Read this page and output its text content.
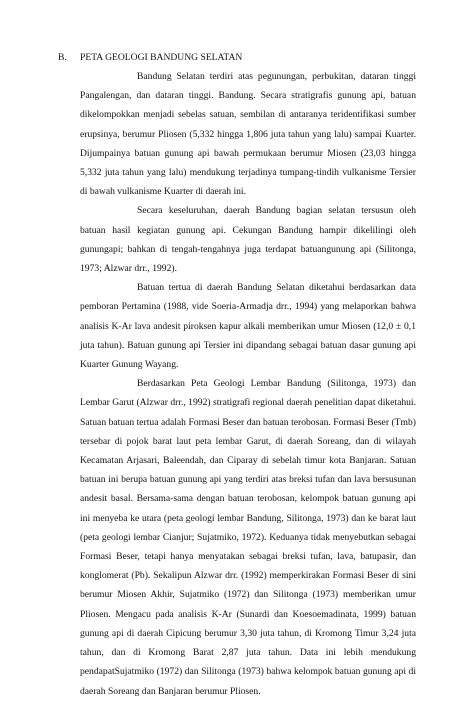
B. PETA GEOLOGI BANDUNG SELATAN

Bandung Selatan terdiri atas pegunungan, perbukitan, dataran tinggi Pangalengan, dan dataran tinggi. Bandung. Secara stratigrafis gunung api, batuan dikelompokkan menjadi sebelas satuan, sembilan di antaranya teridentifikasi sumber erupsinya, berumur Pliosen (5,332 hingga 1,806 juta tahun yang lalu) sampai Kuarter. Dijumpainya batuan gunung api bawah permukaan berumur Miosen (23,03 hingga 5,332 juta tahun yang lalu) mendukung terjadinya tumpang-tindih vulkanisme Tersier di bawah vulkanisme Kuarter di daerah ini.

Secara keseluruhan, daerah Bandung bagian selatan tersusun oleh batuan hasil kegiatan gunung api. Cekungan Bandung hampir dikelilingi oleh gunungapi; bahkan di tengah-tengahnya juga terdapat batuangunung api (Silitonga, 1973; Alzwar drr., 1992).

Batuan tertua di daerah Bandung Selatan diketahui berdasarkan data pemboran Pertamina (1988, vide Soeria-Armadja drr., 1994) yang melaporkan bahwa analisis K-Ar lava andesit piroksen kapur alkali memberikan umur Miosen (12,0 ± 0,1 juta tahun). Batuan gunung api Tersier ini dipandang sebagai batuan dasar gunung api Kuarter Gunung Wayang.

Berdasarkan Peta Geologi Lembar Bandung (Silitonga, 1973) dan Lembar Garut (Alzwar drr., 1992) stratigrafi regional daerah penelitian dapat diketahui. Satuan batuan tertua adalah Formasi Beser dan batuan terobosan. Formasi Beser (Tmb) tersebar di pojok barat laut peta lembar Garut, di daerah Soreang, dan di wilayah Kecamatan Arjasari, Baleendah, dan Ciparay di sebelah timur kota Banjaran. Satuan batuan ini berupa batuan gunung api yang terdiri atas breksi tufan dan lava bersusunan andesit basal. Bersama-sama dengan batuan terobosan, kelompok batuan gunung api ini menyeba ke utara (peta geologi lembar Bandung, Silitonga, 1973) dan ke barat laut (peta geologi lembar Cianjur; Sujatmiko, 1972). Keduanya tidak menyebutkan sebagai Formasi Beser, tetapi hanya menyatakan sebagai breksi tufan, lava, batupasir, dan konglomerat (Pb). Sekalipun Alzwar drr. (1992) memperkirakan Formasi Beser di sini berumur Miosen Akhir, Sujatmiko (1972) dan Silitonga (1973) memberikan umur Pliosen. Mengacu pada analisis K-Ar (Sunardi dan Koesoemadinata, 1999) batuan gunung api di daerah Cipicung berumur 3,30 juta tahun, di Kromong Timur 3,24 juta tahun, dan di Kromong Barat 2,87 juta tahun. Data ini lebih mendukung pendapatSujatmiko (1972) dan Silitonga (1973) bahwa kelompok batuan gunung api di daerah Soreang dan Banjaran berumur Pliosen.
